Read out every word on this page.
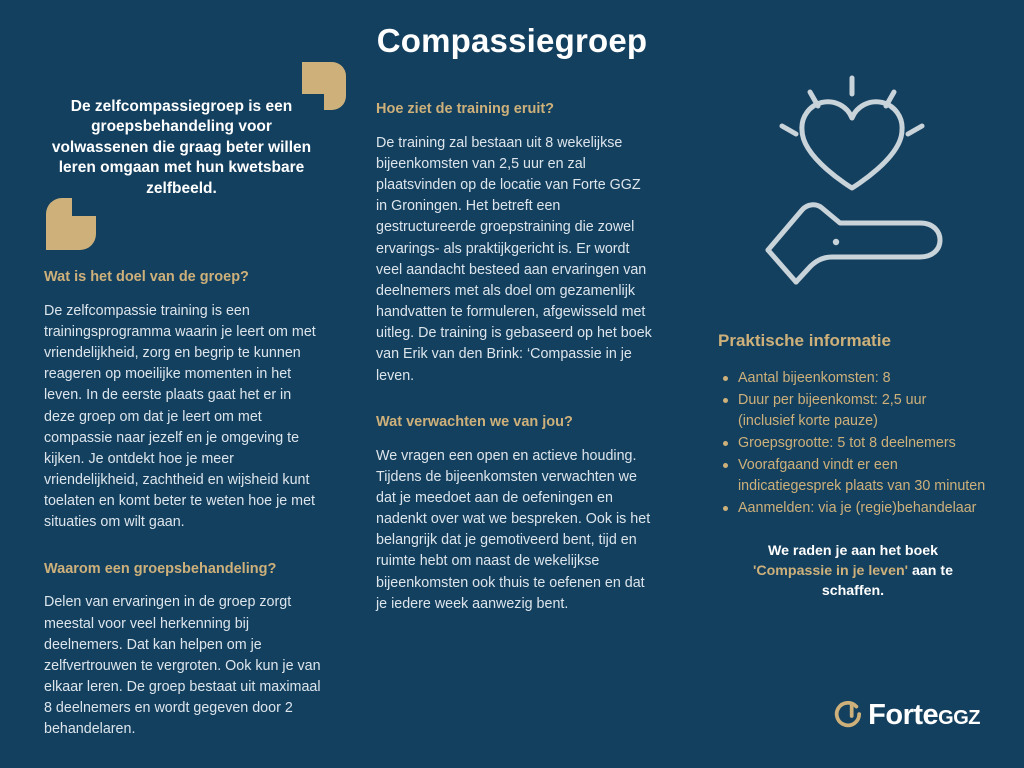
Compassiegroep
De zelfcompassiegroep is een groepsbehandeling voor volwassenen die graag beter willen leren omgaan met hun kwetsbare zelfbeeld.
Wat is het doel van de groep?

De zelfcompassie training is een trainingsprogramma waarin je leert om met vriendelijkheid, zorg en begrip te kunnen reageren op moeilijke momenten in het leven. In de eerste plaats gaat het er in deze groep om dat je leert om met compassie naar jezelf en je omgeving te kijken. Je ontdekt hoe je meer vriendelijkheid, zachtheid en wijsheid kunt toelaten en komt beter te weten hoe je met situaties om wilt gaan.

Waarom een groepsbehandeling?

Delen van ervaringen in de groep zorgt meestal voor veel herkenning bij deelnemers. Dat kan helpen om je zelfvertrouwen te vergroten. Ook kun je van elkaar leren. De groep bestaat uit maximaal 8 deelnemers en wordt gegeven door 2 behandelaren.

Hoe ziet de training eruit?

De training zal bestaan uit 8 wekelijkse bijeenkomsten van 2,5 uur en zal plaatsvinden op de locatie van Forte GGZ in Groningen. Het betreft een gestructureerde groepstraining die zowel ervarings- als praktijkgericht is. Er wordt veel aandacht besteed aan ervaringen van deelnemers met als doel om gezamenlijk handvatten te formuleren, afgewisseld met uitleg. De training is gebaseerd op het boek van Erik van den Brink: ‘Compassie in je leven.

Wat verwachten we van jou?

We vragen een open en actieve houding. Tijdens de bijeenkomsten verwachten we dat je meedoet aan de oefeningen en nadenkt over wat we bespreken. Ook is het belangrijk dat je gemotiveerd bent, tijd en ruimte hebt om naast de wekelijkse bijeenkomsten ook thuis te oefenen en dat je iedere week aanwezig bent.

Praktische informatie
Aantal bijeenkomsten: 8
Duur per bijeenkomst: 2,5 uur (inclusief korte pauze)
Groepsgrootte: 5 tot 8 deelnemers
Voorafgaand vindt er een indicatiegesprek plaats van 30 minuten
Aanmelden: via je (regie)behandelaar
We raden je aan het boek 'Compassie in je leven' aan te schaffen.
ForteGGZ
